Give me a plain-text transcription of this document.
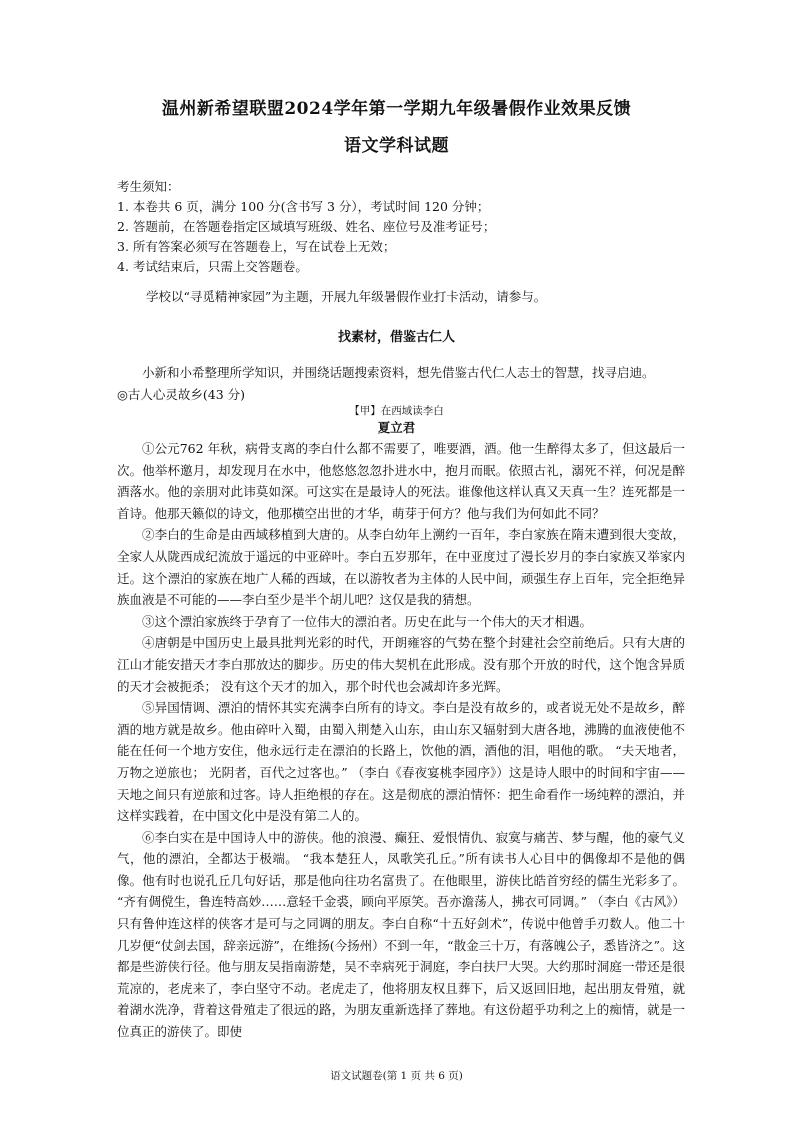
温州新希望联盟2024学年第一学期九年级暑假作业效果反馈
语文学科试题
考生须知：
1. 本卷共 6 页，满分 100 分(含书写 3 分），考试时间 120 分钟；
2. 答题前，在答题卷指定区域填写班级、姓名、座位号及准考证号；
3. 所有答案必须写在答题卷上，写在试卷上无效；
4. 考试结束后，只需上交答题卷。
学校以“寻觅精神家园”为主题，开展九年级暑假作业打卡活动，请参与。
找素材，借鉴古仁人

小新和小希整理所学知识，并围绕话题搜索资料，想先借鉴古代仁人志士的智慧，找寻启迪。

◎古人心灵故乡(43 分)

【甲】在西域读李白
夏立君

①公元762 年秋，病骨支离的李白什么都不需要了，唯要酒，酒。他一生醉得太多了，但这最后一次。他举杯邀月，却发现月在水中，他悠悠忽忽扑进水中，抱月而眠。依照古礼，溺死不祥，何况是醉酒落水。他的亲朋对此讳莫如深。可这实在是最诗人的死法。谁像他这样认真又天真一生？连死都是一首诗。他那天籁似的诗文，他那横空出世的才华，萌芽于何方？他与我们为何如此不同？

②李白的生命是由西域移植到大唐的。从李白幼年上溯约一百年，李白家族在隋末遭到很大变故，全家人从陇西成纪流放于遥远的中亚碎叶。李白五岁那年，在中亚度过了漫长岁月的李白家族又举家内迁。这个漂泊的家族在地广人稀的西域，在以游牧者为主体的人民中间，顽强生存上百年，完全拒绝异族血液是不可能的——李白至少是半个胡儿吧？这仅是我的猜想。

③这个漂泊家族终于孕育了一位伟大的漂泊者。历史在此与一个伟大的天才相遇。

④唐朝是中国历史上最具批判光彩的时代，开朗雍容的气势在整个封建社会空前绝后。只有大唐的江山才能安措天才李白那放达的脚步。历史的伟大契机在此形成。没有那个开放的时代，这个饱含异质的天才会被扼杀； 没有这个天才的加入，那个时代也会减却许多光辉。

⑤异国情调、漂泊的情怀其实充满李白所有的诗文。李白是没有故乡的，或者说无处不是故乡，醉酒的地方就是故乡。他由碎叶入蜀，由蜀入荆楚入山东，由山东又辐射到大唐各地，沸腾的血液使他不能在任何一个地方安住，他永远行走在漂泊的长路上，饮他的酒，酒他的泪，唱他的歌。 “夫天地者，万物之逆旅也； 光阴者，百代之过客也。” （李白《春夜宴桃李园序》）这是诗人眼中的时间和宇宙——天地之间只有逆旅和过客。诗人拒绝根的存在。这是彻底的漂泊情怀：把生命看作一场纯粹的漂泊，并这样实践着，在中国文化中是没有第二人的。

⑥李白实在是中国诗人中的游侠。他的浪漫、癫狂、爱恨情仇、寂寞与痛苦、梦与醒，他的豪气义气，他的漂泊，全都达于极端。 “我本楚狂人，凤歌笑孔丘。”所有读书人心目中的偶像却不是他的偶像。他有时也说孔丘几句好话，那是他向往功名富贵了。在他眼里，游侠比皓首穷经的儒生光彩多了。 “齐有倜傥生，鲁连特高妙……意轻千金裘，顾向平原笑。吾亦澹荡人，拂衣可同调。” （李白《古风》）只有鲁仲连这样的侠客才是可与之同调的朋友。李白自称“十五好剑术”，传说中他曾手刃数人。他二十几岁便“仗剑去国，辞亲远游”，在维扬(今扬州）不到一年，“散金三十万，有落魄公子，悉皆济之”。这都是些游侠行径。他与朋友吴指南游楚，吴不幸病死于洞庭，李白扶尸大哭。大约那时洞庭一带还是很荒凉的，老虎来了，李白坚守不动。老虎走了，他将朋友权且葬下，后又返回旧地，起出朋友骨殖，就着湖水洗净，背着这骨殖走了很远的路，为朋友重新选择了葬地。有这份超乎功利之上的痴情，就是一位真正的游侠了。即使

语文试题卷(第 1 页 共 6 页)
